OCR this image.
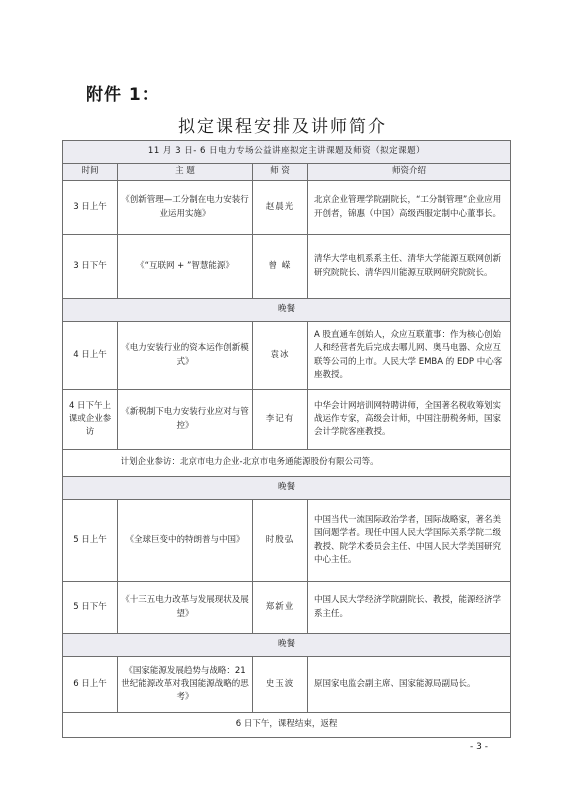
附件 1：
拟定课程安排及讲师简介
11 月 3 日- 6 日电力专场公益讲座拟定主讲课题及师资（拟定课题）			
时间	主 题	师 资	师资介绍
3 日上午	《创新管理—工分制在电力安装行业运用实施》	赵晨光	北京企业管理学院副院长，“工分制管理”企业应用开创者，锦惠（中国）高级西服定制中心董事长。
3 日下午	《“互联网 + ”智慧能源》	曾 嵘	清华大学电机系系主任、清华大学能源互联网创新研究院院长、清华四川能源互联网研究院院长。
晚餐			
4 日上午	《电力安装行业的资本运作创新模式》	袁冰	A 股直通车创始人，众应互联董事：作为核心创始人和经营者先后完成去哪儿网、奥马电器、众应互联等公司的上市。人民大学 EMBA 的 EDP 中心客座教授。
4 日下午上课或企业参访	《新税制下电力安装行业应对与管控》	李记有	中华会计网培训网特聘讲师，全国著名税收筹划实战运作专家，高级会计师，中国注册税务师，国家会计学院客座教授。
	计划企业参访：北京市电力企业-北京市电务通能源股份有限公司等。		
晚餐			
5 日上午	《全球巨变中的特朗普与中国》	时殷弘	中国当代一流国际政治学者，国际战略家，著名美国问题学者。现任中国人民大学国际关系学院二级教授、院学术委员会主任、中国人民大学美国研究中心主任。
5 日下午	《十三五电力改革与发展现状及展望》	郑新业	中国人民大学经济学院副院长、教授，能源经济学系主任。
晚餐			
6 日上午	《国家能源发展趋势与战略：21 世纪能源改革对我国能源战略的思考》	史玉波	原国家电监会副主席、国家能源局副局长。
6 日下午，课程结束，返程			
- 3 -
